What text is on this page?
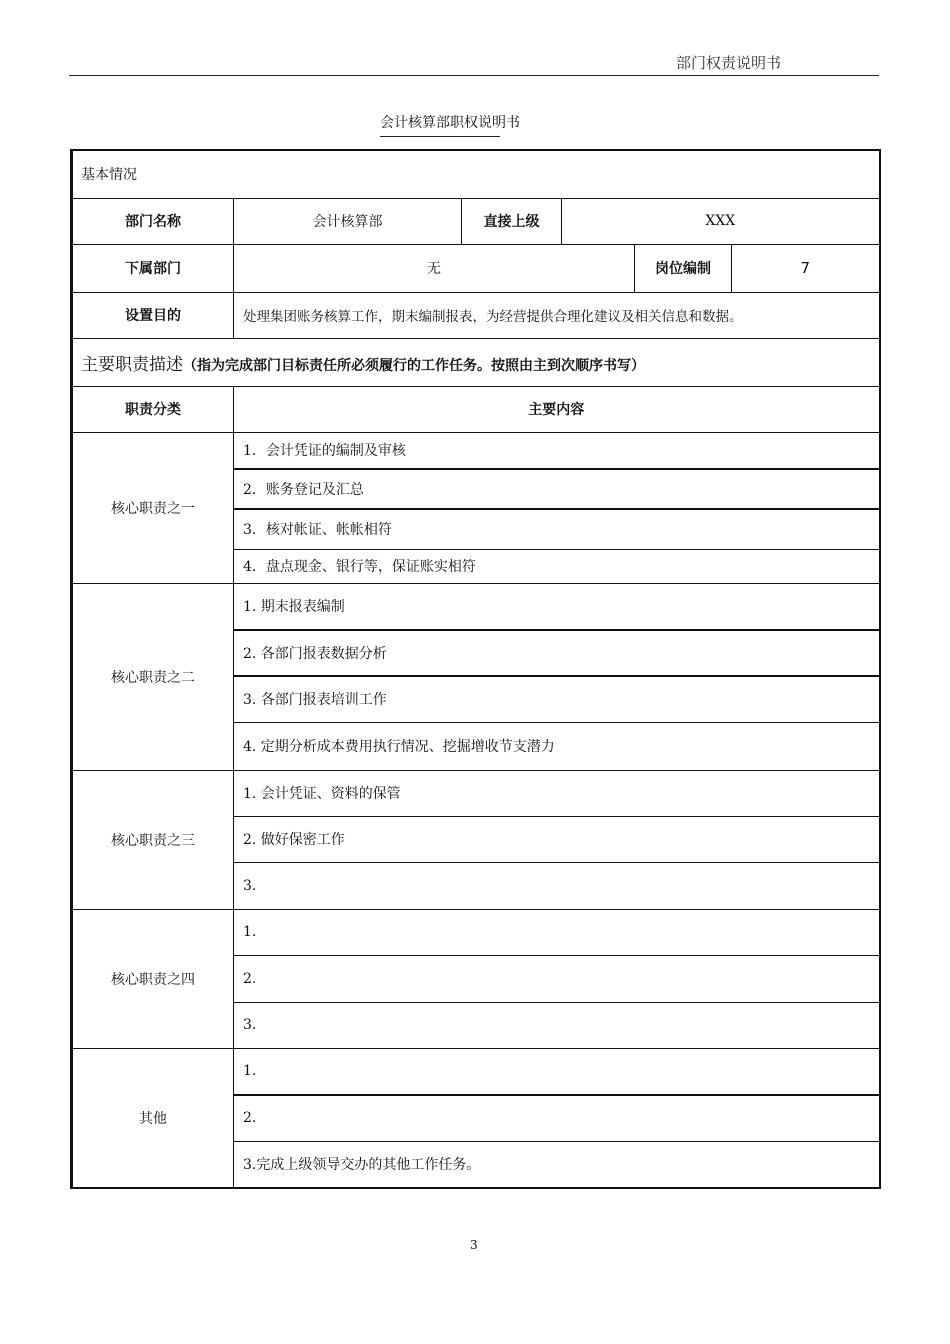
部门权责说明书
会计核算部职权说明书
基本情况					
部门名称	会计核算部	直接上级	XXX		
下属部门	无			岗位编制	7
设置目的	处理集团账务核算工作，期末编制报表，为经营提供合理化建议及相关信息和数据。				
主要职责描述（指为完成部门目标责任所必须履行的工作任务。按照由主到次顺序书写）					
职责分类	主要内容				
核心职责之一	1．会计凭证的编制及审核				
	2．账务登记及汇总				
	3．核对帐证、帐帐相符				
	4．盘点现金、银行等，保证账实相符				
核心职责之二	1. 期末报表编制				
	2. 各部门报表数据分析				
	3. 各部门报表培训工作				
	4. 定期分析成本费用执行情况、挖掘增收节支潜力				
核心职责之三	1. 会计凭证、资料的保管				
	2. 做好保密工作				
	3.				
核心职责之四	1.				
	2.				
	3.				
其他	1.				
	2.				
	3.完成上级领导交办的其他工作任务。				
3
